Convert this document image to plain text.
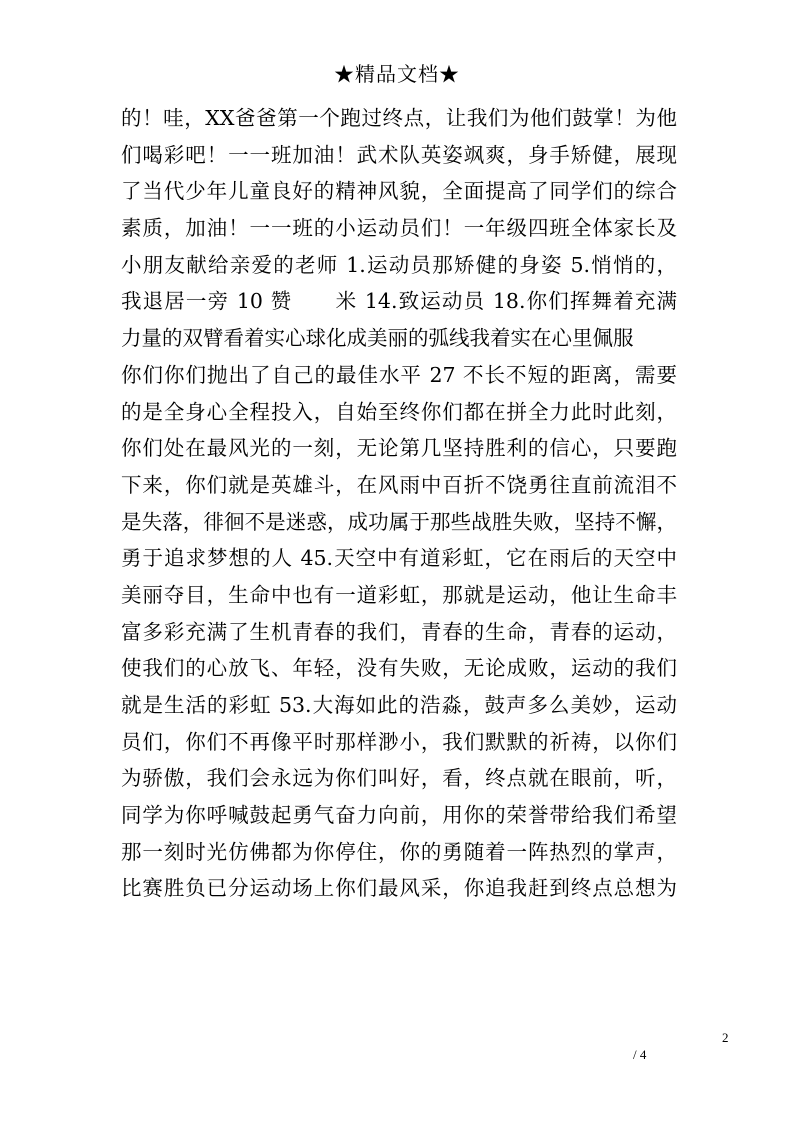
★精品文档★
的！哇，XX爸爸第一个跑过终点，让我们为他们鼓掌！为他
们喝彩吧！一一班加油！武术队英姿飒爽，身手矫健，展现
了当代少年儿童良好的精神风貌，全面提高了同学们的综合
素质，加油！一一班的小运动员们！一年级四班全体家长及
小朋友献给亲爱的老师 1.运动员那矫健的身姿 5.悄悄的，
我退居一旁 10 赞　　米 14.致运动员 18.你们挥舞着充满
力量的双臂看着实心球化成美丽的弧线我着实在心里佩服
你们你们抛出了自己的最佳水平 27 不长不短的距离，需要
的是全身心全程投入，自始至终你们都在拼全力此时此刻，
你们处在最风光的一刻，无论第几坚持胜利的信心，只要跑
下来，你们就是英雄斗，在风雨中百折不饶勇往直前流泪不
是失落，徘徊不是迷惑，成功属于那些战胜失败，坚持不懈，
勇于追求梦想的人 45.天空中有道彩虹，它在雨后的天空中
美丽夺目，生命中也有一道彩虹，那就是运动，他让生命丰
富多彩充满了生机青春的我们，青春的生命，青春的运动，
使我们的心放飞、年轻，没有失败，无论成败，运动的我们
就是生活的彩虹 53.大海如此的浩淼，鼓声多么美妙，运动
员们，你们不再像平时那样渺小，我们默默的祈祷，以你们
为骄傲，我们会永远为你们叫好，看，终点就在眼前，听，
同学为你呼喊鼓起勇气奋力向前，用你的荣誉带给我们希望
那一刻时光仿佛都为你停住，你的勇随着一阵热烈的掌声，
比赛胜负已分运动场上你们最风采，你追我赶到终点总想为
2
/ 4
